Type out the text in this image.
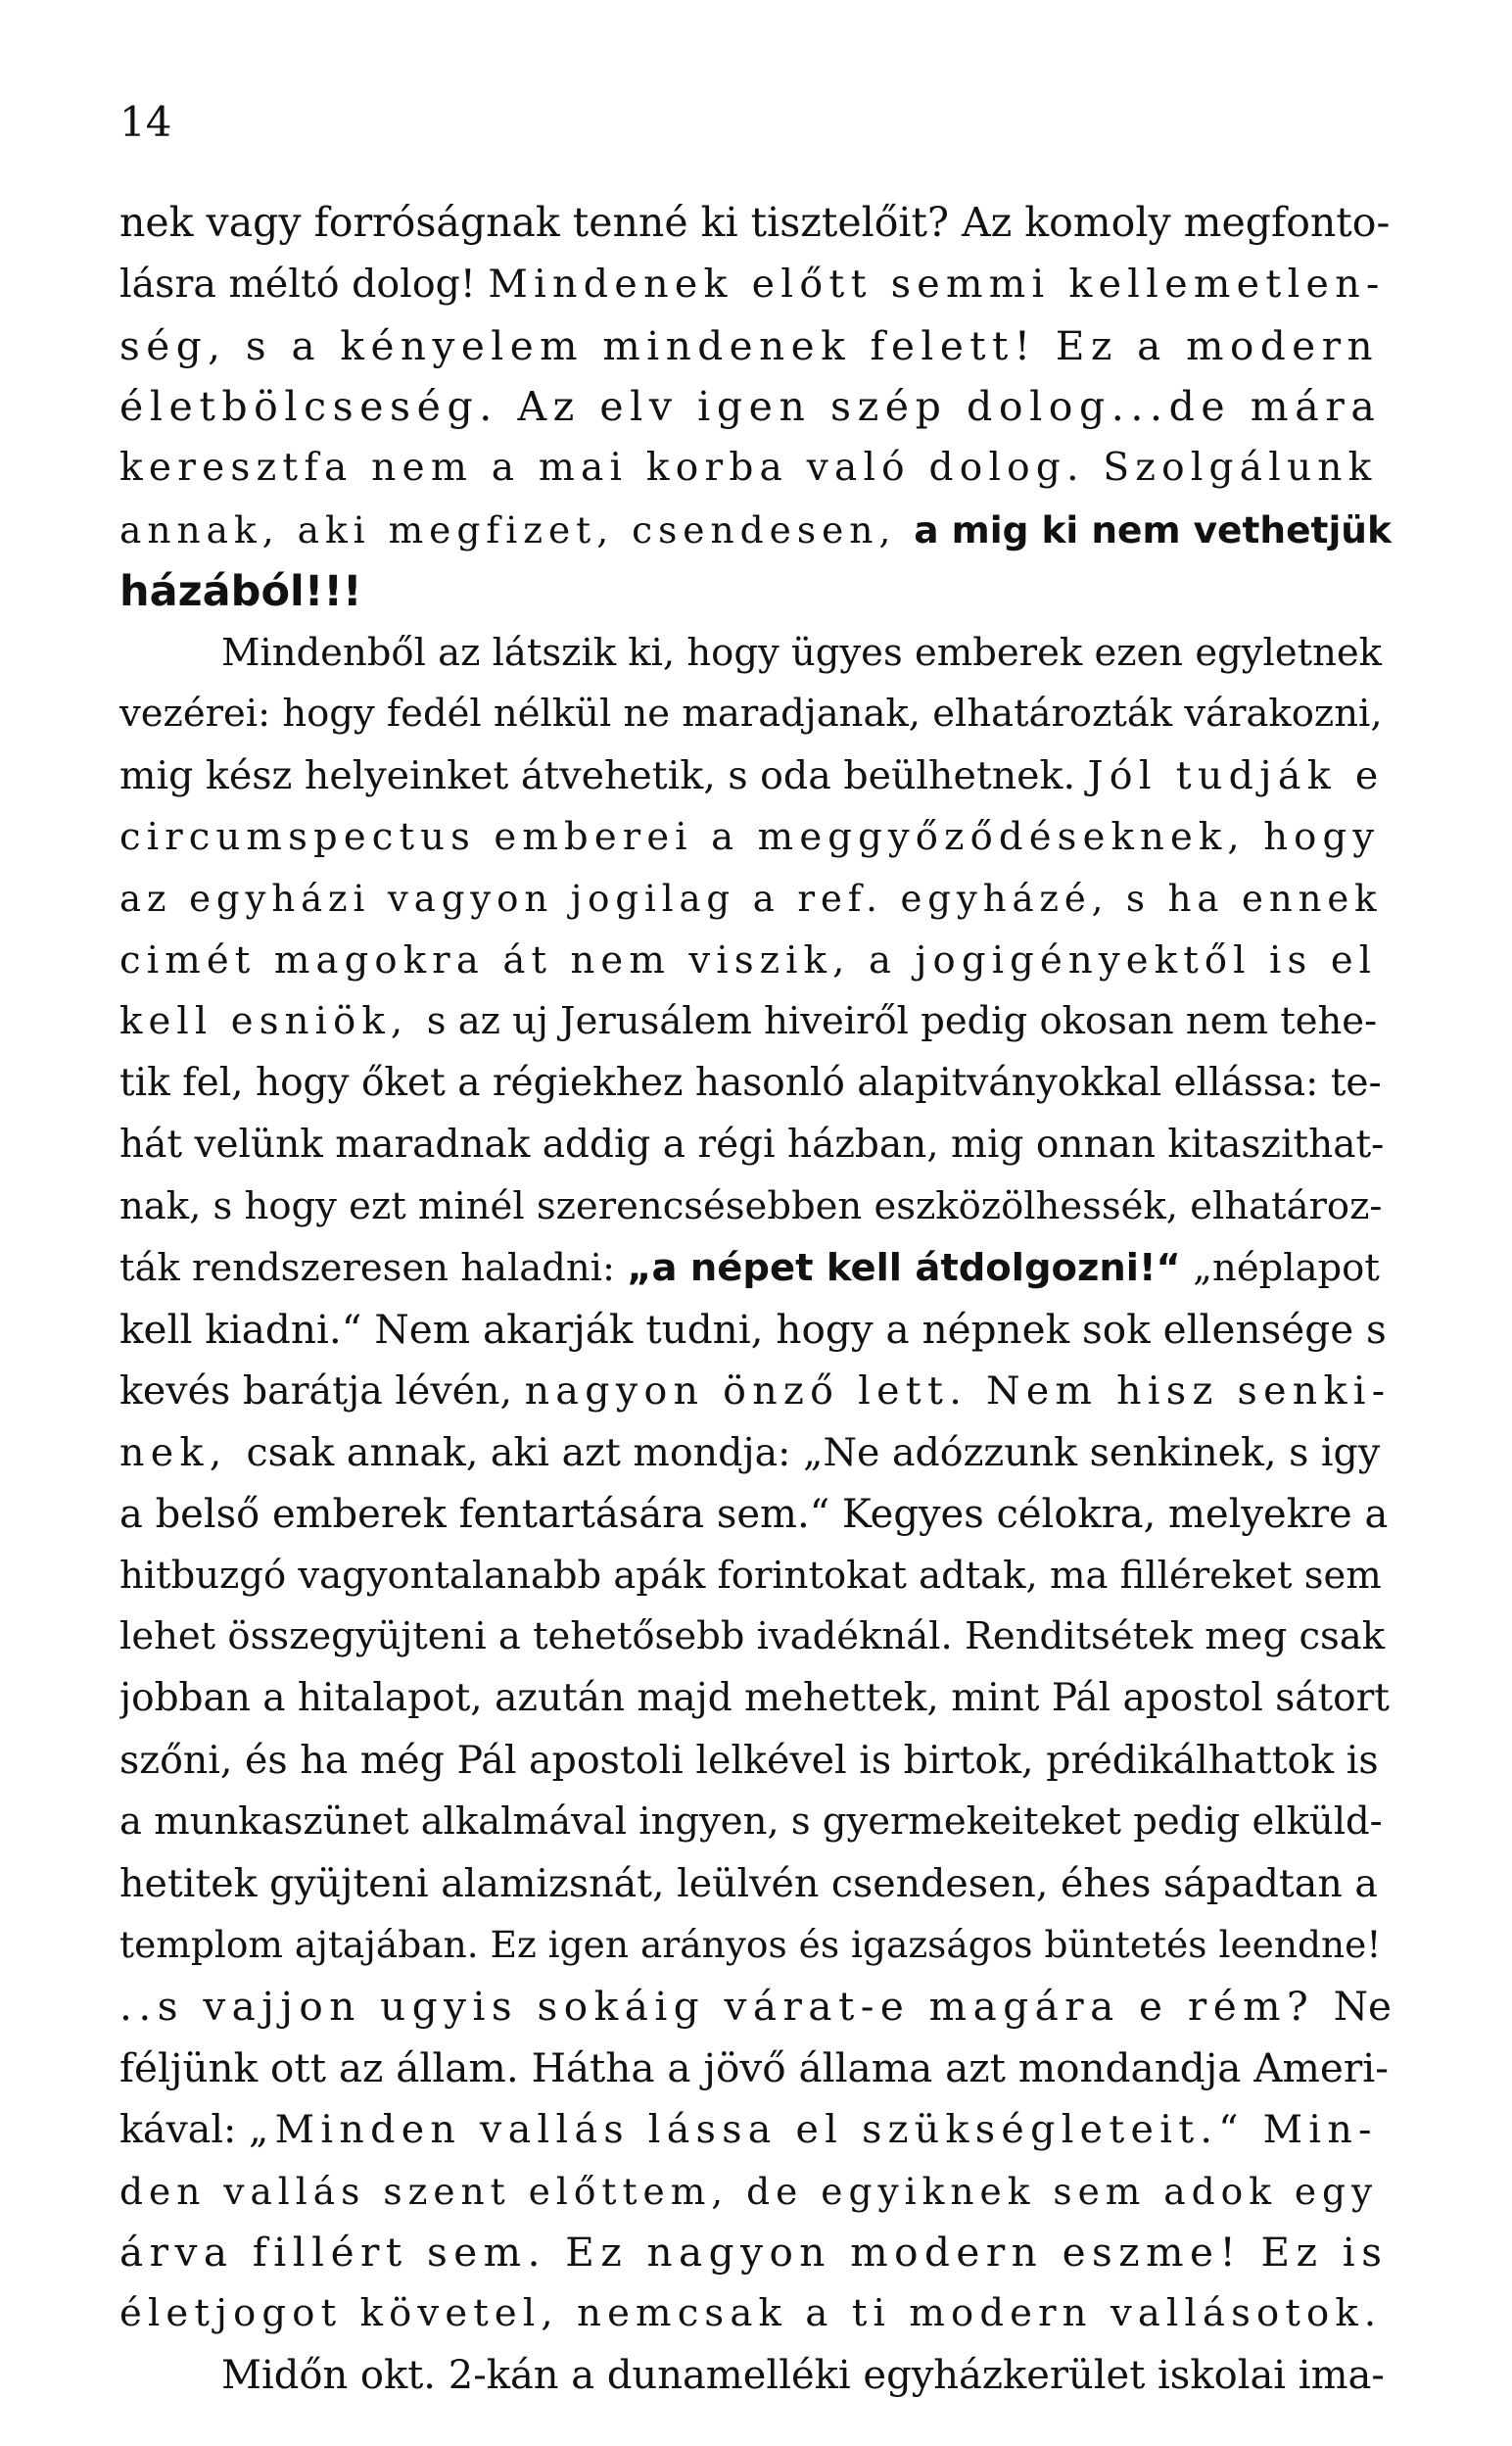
14
nek vagy forróságnak tenné ki tisztelőit? Az komoly megfonto-
lásra méltó dolog! Mindenek előtt semmi kellemetlen-
ség, s a kényelem mindenek felett! Ez a modern
életbölcseség. Az elv igen szép dolog...de mára
keresztfa nem a mai korba való dolog. Szolgálunk
annak, aki megfizet, csendesen, a mig ki nem vethetjük
házából!!!
Mindenből az látszik ki, hogy ügyes emberek ezen egyletnek
vezérei: hogy fedél nélkül ne maradjanak, elhatározták várakozni,
mig kész helyeinket átvehetik, s oda beülhetnek. Jól tudják e
circumspectus emberei a meggyőződéseknek, hogy
az egyházi vagyon jogilag a ref. egyházé, s ha ennek
cimét magokra át nem viszik, a jogigényektől is el
kell esniök, s az uj Jerusálem hiveiről pedig okosan nem tehe-
tik fel, hogy őket a régiekhez hasonló alapitványokkal ellássa: te-
hát velünk maradnak addig a régi házban, mig onnan kitaszithat-
nak, s hogy ezt minél szerencsésebben eszközölhessék, elhatároz-
ták rendszeresen haladni: „a népet kell átdolgozni!“ „néplapot
kell kiadni.“ Nem akarják tudni, hogy a népnek sok ellensége s
kevés barátja lévén, nagyon önző lett. Nem hisz senki-
nek, csak annak, aki azt mondja: „Ne adózzunk senkinek, s igy
a belső emberek fentartására sem.“ Kegyes célokra, melyekre a
hitbuzgó vagyontalanabb apák forintokat adtak, ma filléreket sem
lehet összegyüjteni a tehetősebb ivadéknál. Renditsétek meg csak
jobban a hitalapot, azután majd mehettek, mint Pál apostol sátort
szőni, és ha még Pál apostoli lelkével is birtok, prédikálhattok is
a munkaszünet alkalmával ingyen, s gyermekeiteket pedig elküld-
hetitek gyüjteni alamizsnát, leülvén csendesen, éhes sápadtan a
templom ajtajában. Ez igen arányos és igazságos büntetés leendne!
..s vajjon ugyis sokáig várat-e magára e rém? Ne
féljünk ott az állam. Hátha a jövő állama azt mondandja Ameri-
kával: „Minden vallás lássa el szükségleteit.“ Min-
den vallás szent előttem, de egyiknek sem adok egy
árva fillért sem. Ez nagyon modern eszme! Ez is
életjogot követel, nemcsak a ti modern vallásotok.
Midőn okt. 2-kán a dunamelléki egyházkerület iskolai ima-
